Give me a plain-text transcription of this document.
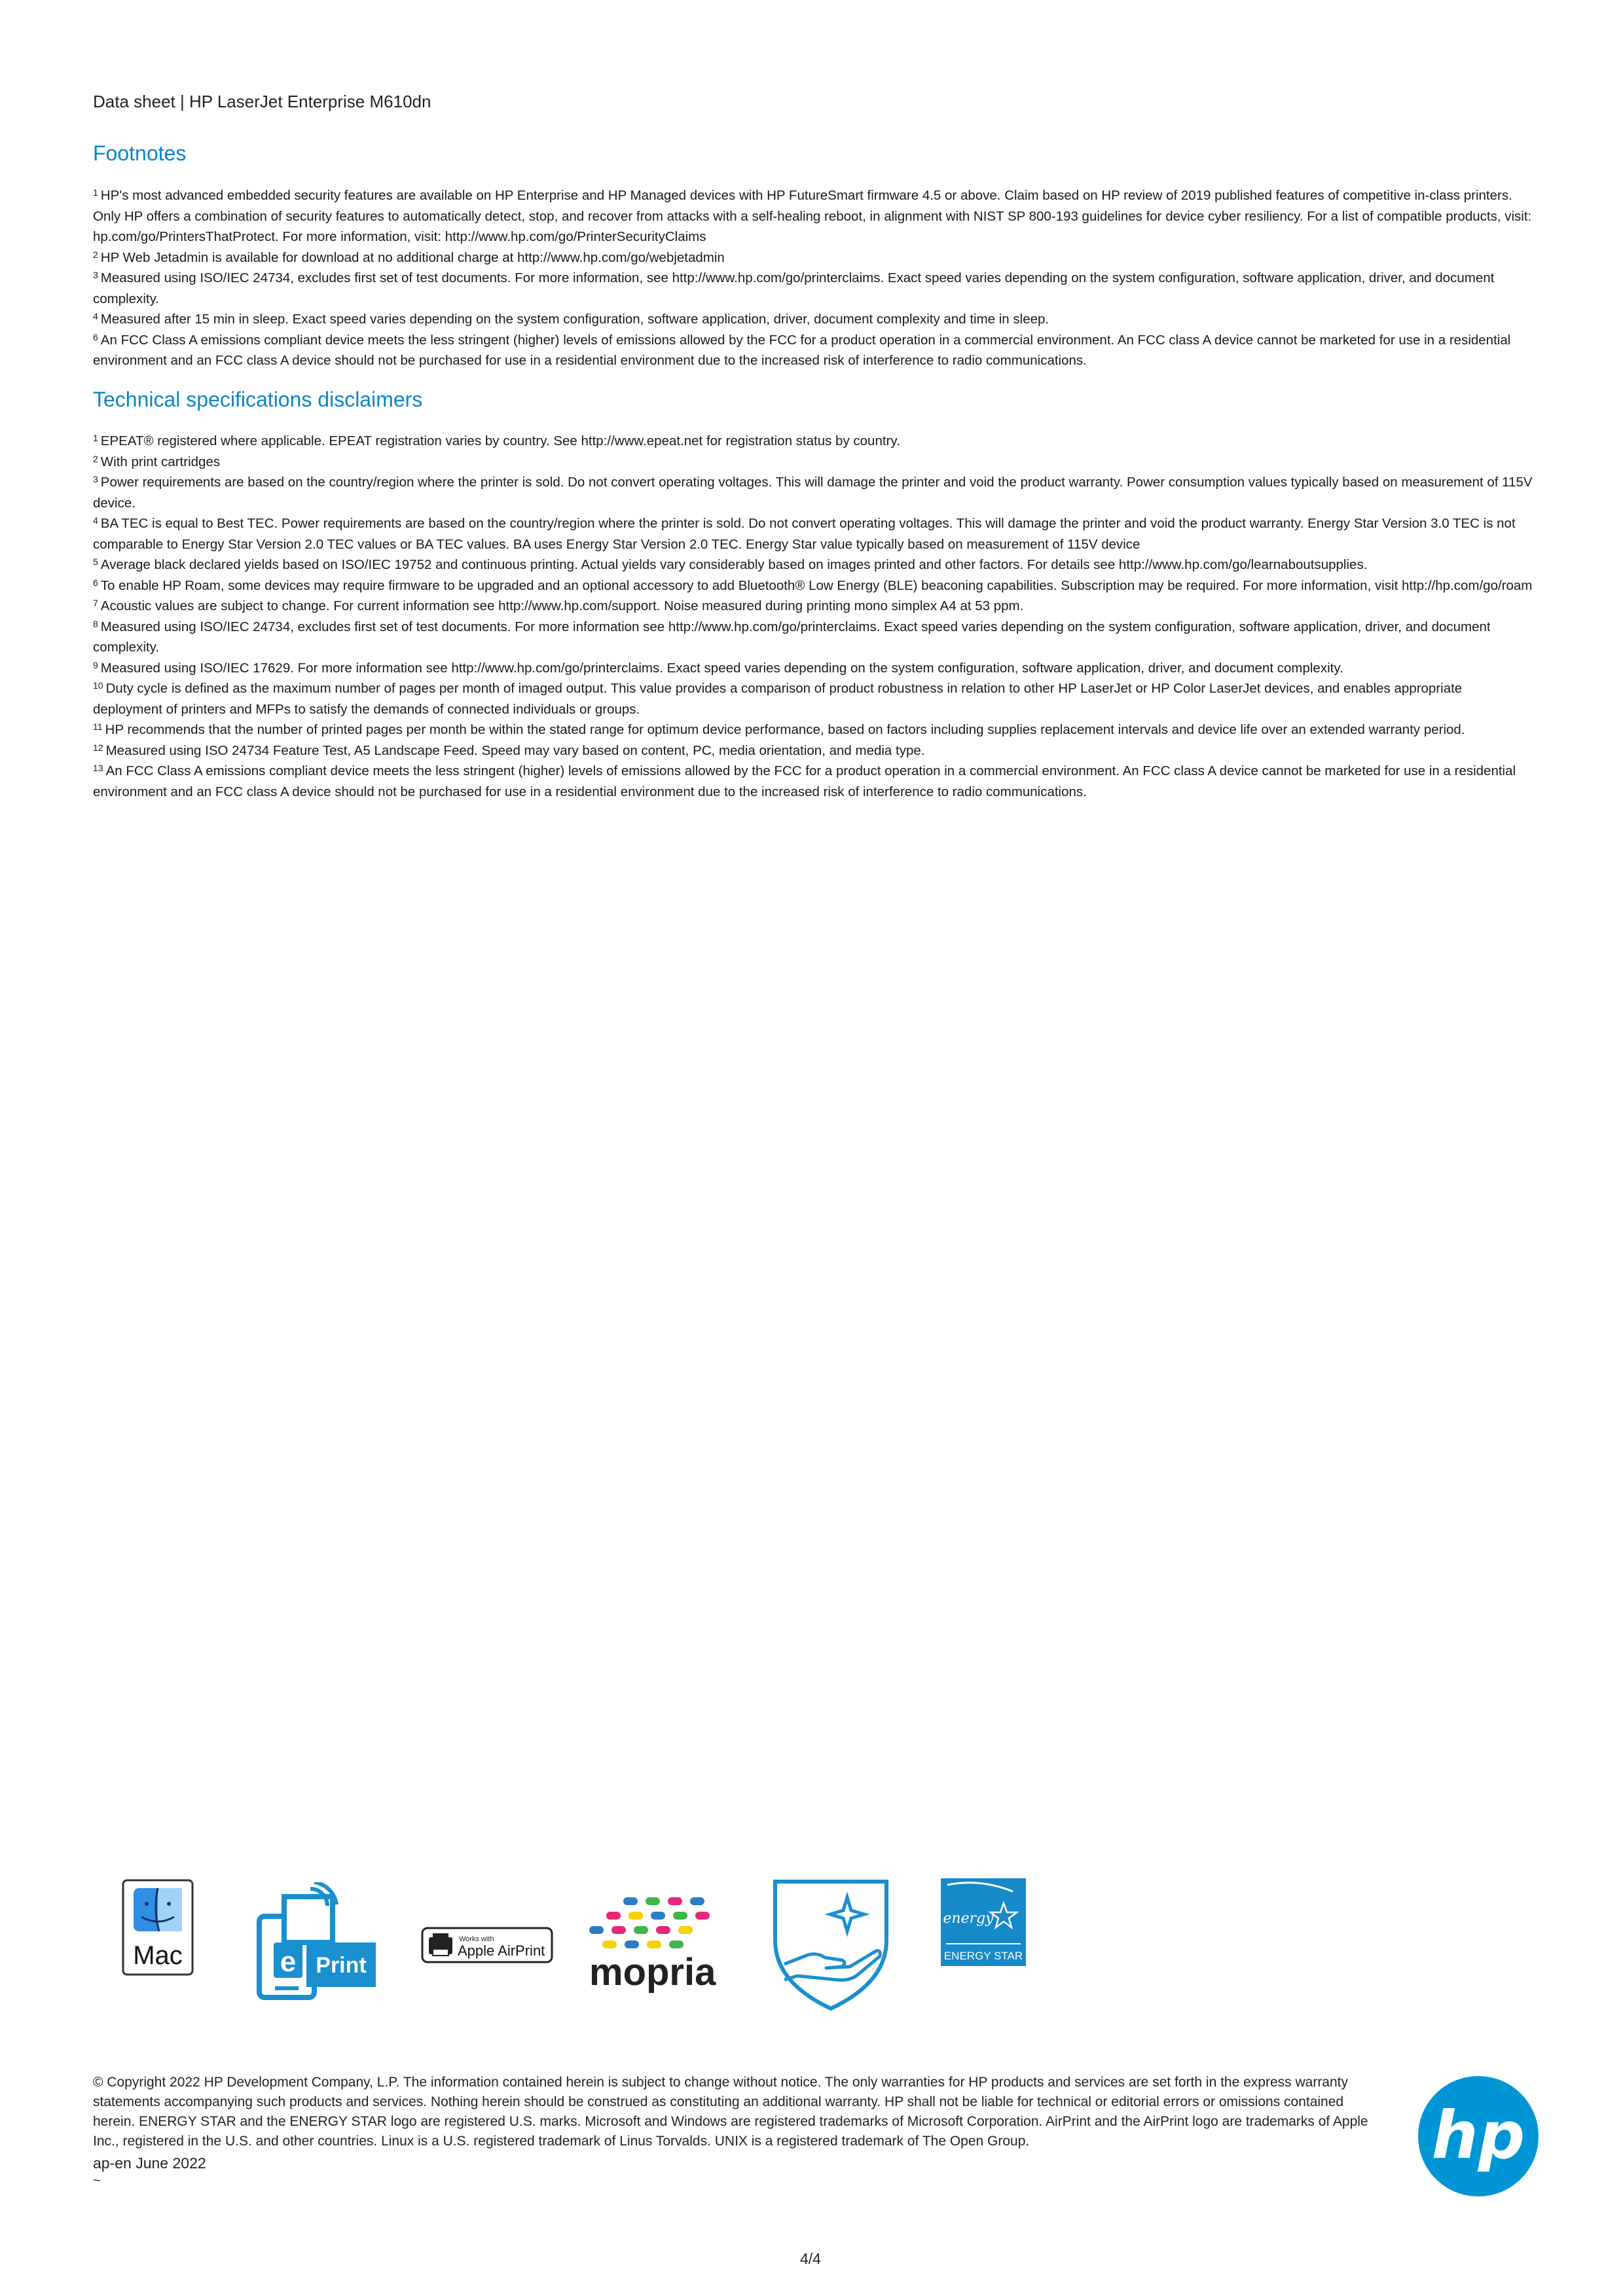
Data sheet | HP LaserJet Enterprise M610dn
Footnotes
$^1$ HP's most advanced embedded security features are available on HP Enterprise and HP Managed devices with HP FutureSmart firmware 4.5 or above. Claim based on HP review of 2019 published features of competitive in-class printers. Only HP offers a combination of security features to automatically detect, stop, and recover from attacks with a self-healing reboot, in alignment with NIST SP 800-193 guidelines for device cyber resiliency. For a list of compatible products, visit: hp.com/go/PrintersThatProtect. For more information, visit: http://www.hp.com/go/PrinterSecurityClaims
$^2$ HP Web Jetadmin is available for download at no additional charge at http://www.hp.com/go/webjetadmin
$^3$ Measured using ISO/IEC 24734, excludes first set of test documents. For more information, see http://www.hp.com/go/printerclaims. Exact speed varies depending on the system configuration, software application, driver, and document complexity.
$^4$ Measured after 15 min in sleep. Exact speed varies depending on the system configuration, software application, driver, document complexity and time in sleep.
$^6$ An FCC Class A emissions compliant device meets the less stringent (higher) levels of emissions allowed by the FCC for a product operation in a commercial environment. An FCC class A device cannot be marketed for use in a residential environment and an FCC class A device should not be purchased for use in a residential environment due to the increased risk of interference to radio communications.
Technical specifications disclaimers
$^1$ EPEAT® registered where applicable. EPEAT registration varies by country. See http://www.epeat.net for registration status by country.
$^2$ With print cartridges
$^3$ Power requirements are based on the country/region where the printer is sold. Do not convert operating voltages. This will damage the printer and void the product warranty. Power consumption values typically based on measurement of 115V device.
$^4$ BA TEC is equal to Best TEC. Power requirements are based on the country/region where the printer is sold. Do not convert operating voltages. This will damage the printer and void the product warranty. Energy Star Version 3.0 TEC is not comparable to Energy Star Version 2.0 TEC values or BA TEC values. BA uses Energy Star Version 2.0 TEC. Energy Star value typically based on measurement of 115V device
$^5$ Average black declared yields based on ISO/IEC 19752 and continuous printing. Actual yields vary considerably based on images printed and other factors. For details see http://www.hp.com/go/learnaboutsupplies.
$^6$ To enable HP Roam, some devices may require firmware to be upgraded and an optional accessory to add Bluetooth® Low Energy (BLE) beaconing capabilities. Subscription may be required. For more information, visit http://hp.com/go/roam
$^7$ Acoustic values are subject to change. For current information see http://www.hp.com/support. Noise measured during printing mono simplex A4 at 53 ppm.
$^8$ Measured using ISO/IEC 24734, excludes first set of test documents. For more information see http://www.hp.com/go/printerclaims. Exact speed varies depending on the system configuration, software application, driver, and document complexity.
$^9$ Measured using ISO/IEC 17629. For more information see http://www.hp.com/go/printerclaims. Exact speed varies depending on the system configuration, software application, driver, and document complexity.
$^{10}$ Duty cycle is defined as the maximum number of pages per month of imaged output. This value provides a comparison of product robustness in relation to other HP LaserJet or HP Color LaserJet devices, and enables appropriate deployment of printers and MFPs to satisfy the demands of connected individuals or groups.
$^{11}$ HP recommends that the number of printed pages per month be within the stated range for optimum device performance, based on factors including supplies replacement intervals and device life over an extended warranty period.
$^{12}$ Measured using ISO 24734 Feature Test, A5 Landscape Feed. Speed may vary based on content, PC, media orientation, and media type.
$^{13}$ An FCC Class A emissions compliant device meets the less stringent (higher) levels of emissions allowed by the FCC for a product operation in a commercial environment. An FCC class A device cannot be marketed for use in a residential environment and an FCC class A device should not be purchased for use in a residential environment due to the increased risk of interference to radio communications.
Mac	e Print
Works with
Apple AirPrint
mopria
energy
ENERGY STAR
© Copyright 2022 HP Development Company, L.P. The information contained herein is subject to change without notice. The only warranties for HP products and services are set forth in the express warranty statements accompanying such products and services. Nothing herein should be construed as constituting an additional warranty. HP shall not be liable for technical or editorial errors or omissions contained herein. ENERGY STAR and the ENERGY STAR logo are registered U.S. marks. Microsoft and Windows are registered trademarks of Microsoft Corporation. AirPrint and the AirPrint logo are trademarks of Apple Inc., registered in the U.S. and other countries. Linux is a U.S. registered trademark of Linus Torvalds. UNIX is a registered trademark of The Open Group.
ap-en June 2022
~
4/4
hp
